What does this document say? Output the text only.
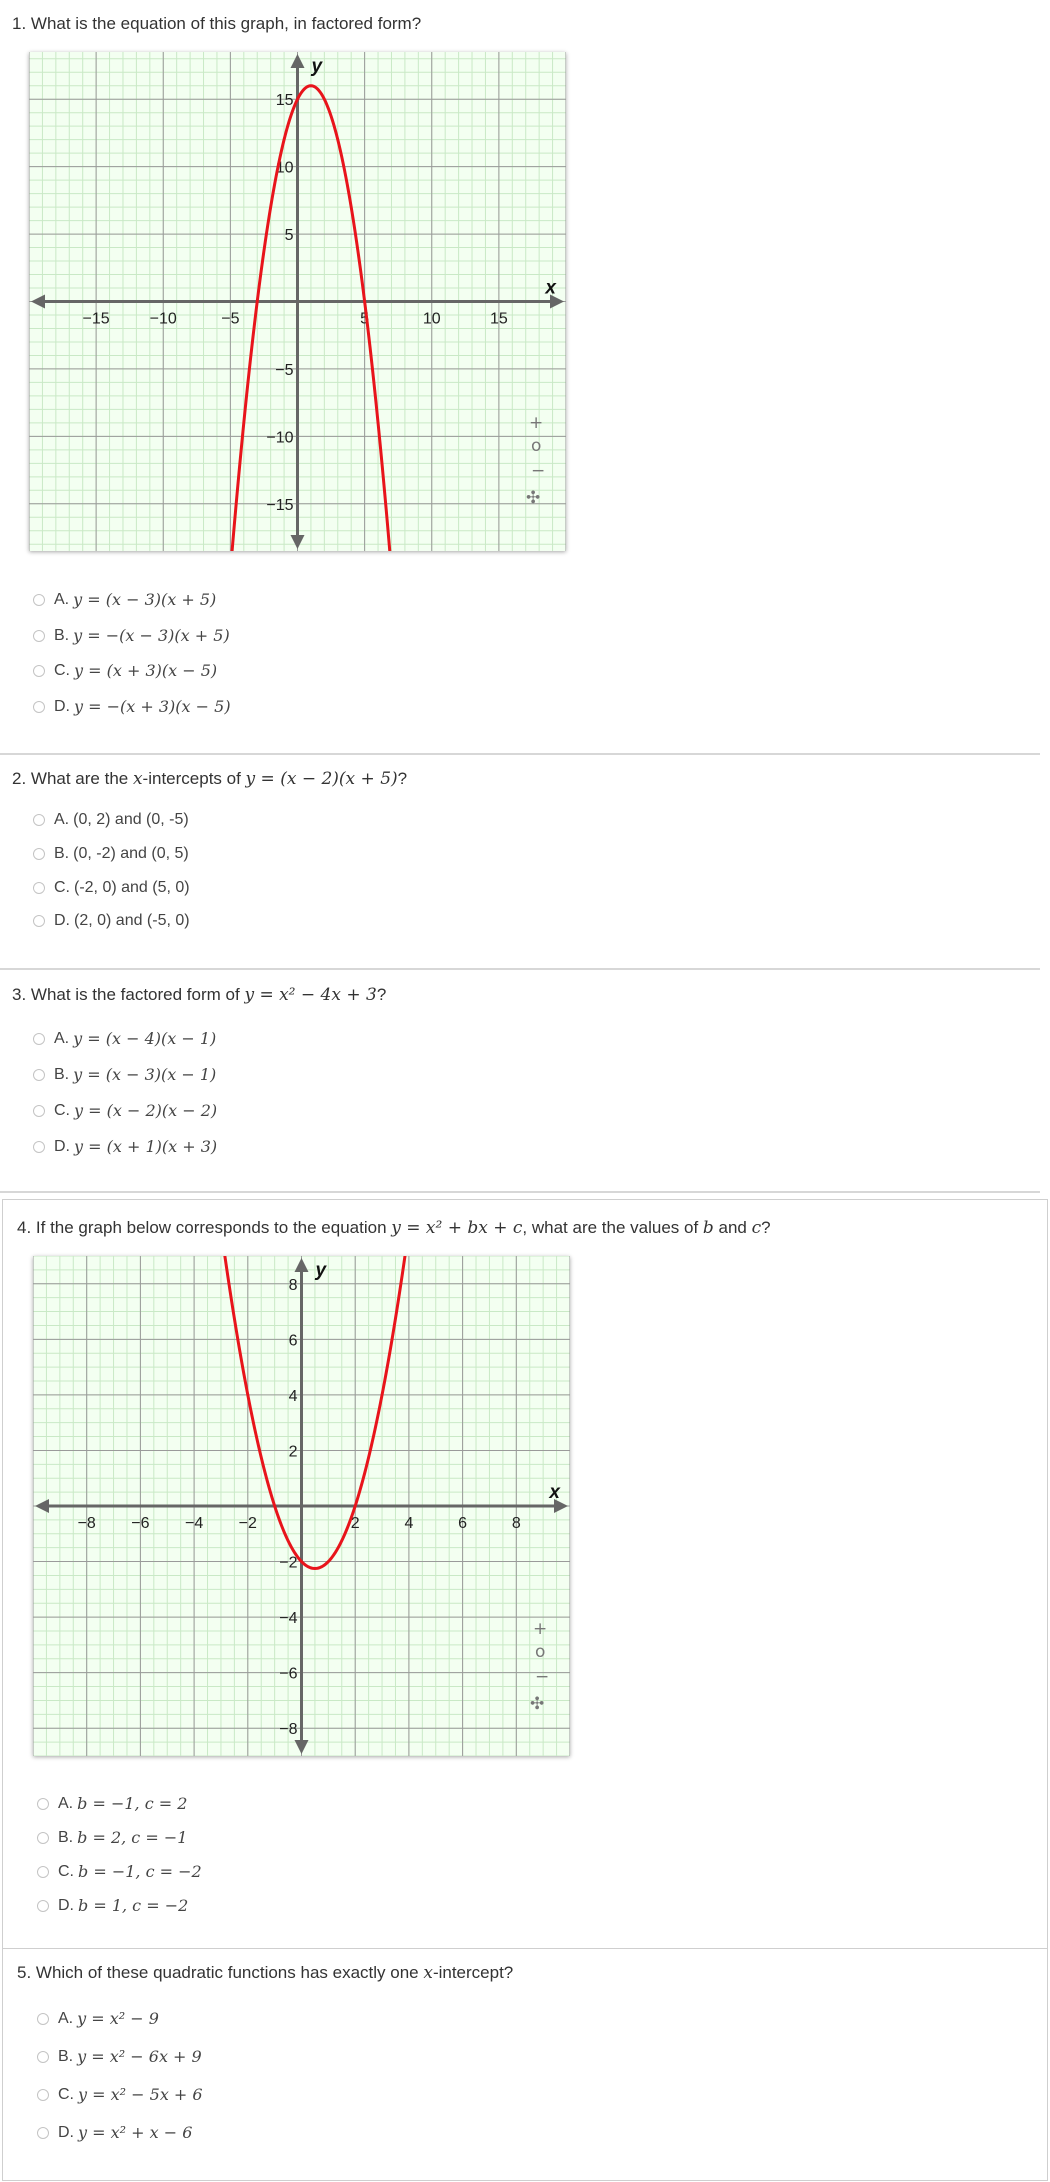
1. What is the equation of this graph, in factored form?
−15 −10	−5	5	10	15
15
10
5
−5
−10
−15
x
y
+
o
−
✣
A. y = (x − 3)(x + 5)
B. y = −(x − 3)(x + 5)
C. y = (x + 3)(x − 5)
D. y = −(x + 3)(x − 5)
2. What are the x-intercepts of y = (x − 2)(x + 5)?
A. (0, 2) and (0, -5)
B. (0, -2) and (0, 5)
C. (-2, 0) and (5, 0)
D. (2, 0) and (-5, 0)
3. What is the factored form of y = x² − 4x + 3?
A. y = (x − 4)(x − 1)
B. y = (x − 3)(x − 1)
C. y = (x − 2)(x − 2)
D. y = (x + 1)(x + 3)
4. If the graph below corresponds to the equation y = x² + bx + c, what are the values of b and c?
−8 −6 −4 −2	2	4	6	8
8
6
4
2
−2
−4
−6
−8
x
y
+
o
−
✣
A. b = −1, c = 2
B. b = 2, c = −1
C. b = −1, c = −2
D. b = 1, c = −2
5. Which of these quadratic functions has exactly one x-intercept?
A. y = x² − 9
B. y = x² − 6x + 9
C. y = x² − 5x + 6
D. y = x² + x − 6
